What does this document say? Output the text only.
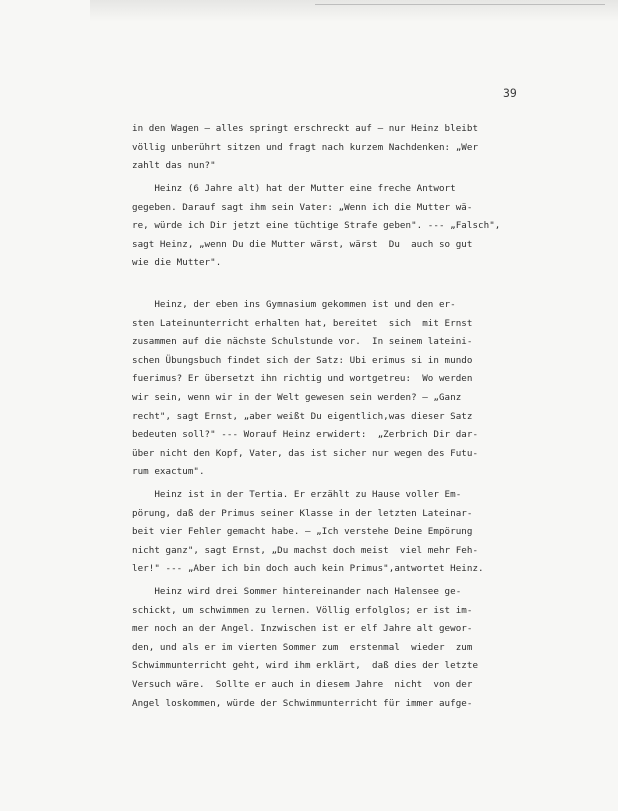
39
in den Wagen – alles springt erschreckt auf – nur Heinz bleibt
völlig unberührt sitzen und fragt nach kurzem Nachdenken: „Wer
zahlt das nun?"
Heinz (6 Jahre alt) hat der Mutter eine freche Antwort
gegeben. Darauf sagt ihm sein Vater: „Wenn ich die Mutter wä-
re, würde ich Dir jetzt eine tüchtige Strafe geben". --- „Falsch",
sagt Heinz, „wenn Du die Mutter wärst, wärst  Du  auch so gut
wie die Mutter".
Heinz, der eben ins Gymnasium gekommen ist und den er-
sten Lateinunterricht erhalten hat, bereitet  sich  mit Ernst
zusammen auf die nächste Schulstunde vor.  In seinem lateini-
schen Übungsbuch findet sich der Satz: Ubi erimus si in mundo
fuerimus? Er übersetzt ihn richtig und wortgetreu:  Wo werden
wir sein, wenn wir in der Welt gewesen sein werden? – „Ganz
recht", sagt Ernst, „aber weißt Du eigentlich,was dieser Satz
bedeuten soll?" --- Worauf Heinz erwidert:  „Zerbrich Dir dar-
über nicht den Kopf, Vater, das ist sicher nur wegen des Futu-
rum exactum".
Heinz ist in der Tertia. Er erzählt zu Hause voller Em-
pörung, daß der Primus seiner Klasse in der letzten Lateinar-
beit vier Fehler gemacht habe. – „Ich verstehe Deine Empörung
nicht ganz", sagt Ernst, „Du machst doch meist  viel mehr Feh-
ler!" --- „Aber ich bin doch auch kein Primus",antwortet Heinz.
Heinz wird drei Sommer hintereinander nach Halensee ge-
schickt, um schwimmen zu lernen. Völlig erfolglos; er ist im-
mer noch an der Angel. Inzwischen ist er elf Jahre alt gewor-
den, und als er im vierten Sommer zum  erstenmal  wieder  zum
Schwimmunterricht geht, wird ihm erklärt,  daß dies der letzte
Versuch wäre.  Sollte er auch in diesem Jahre  nicht  von der
Angel loskommen, würde der Schwimmunterricht für immer aufge-
